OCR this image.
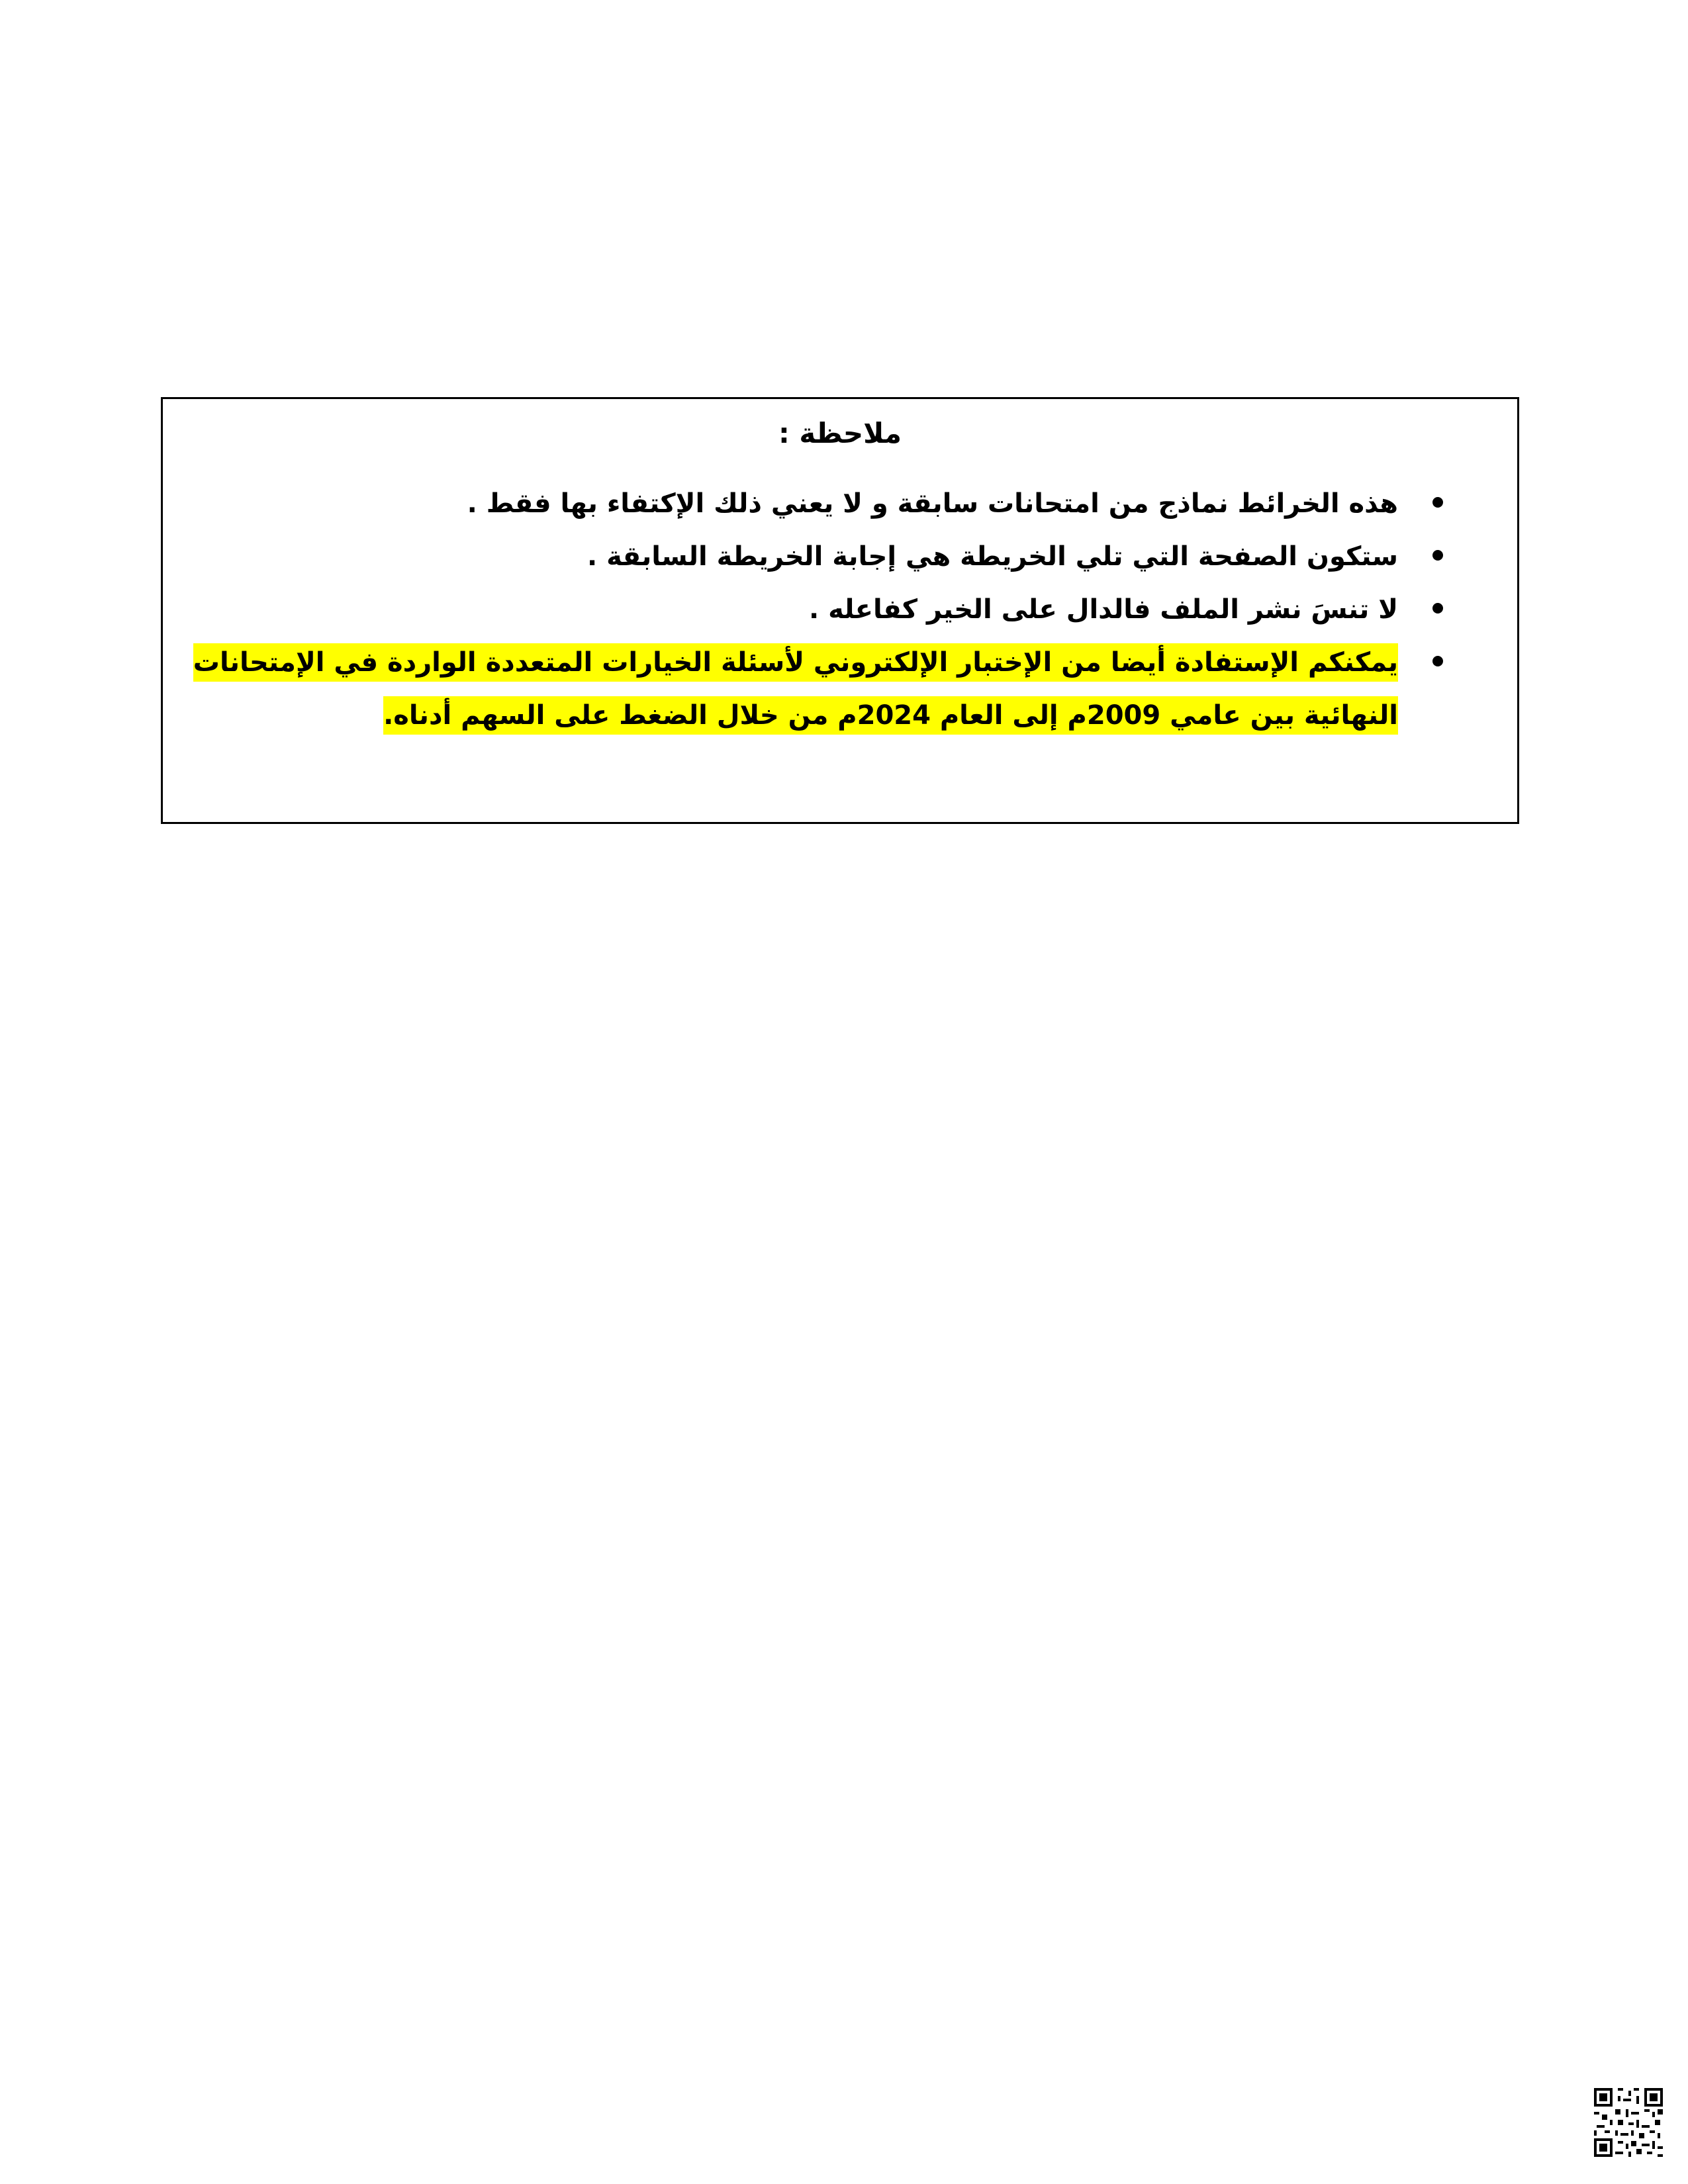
ملاحظة :
هذه الخرائط نماذج من امتحانات سابقة و لا يعني ذلك الإكتفاء بها فقط .
ستكون الصفحة التي تلي الخريطة هي إجابة الخريطة السابقة .
لا تنسَ نشر الملف فالدال على الخير كفاعله .
يمكنكم الإستفادة أيضا من الإختبار الإلكتروني لأسئلة الخيارات المتعددة الواردة في الإمتحانات النهائية بين عامي 2009م إلى العام 2024م من خلال الضغط على السهم أدناه.
